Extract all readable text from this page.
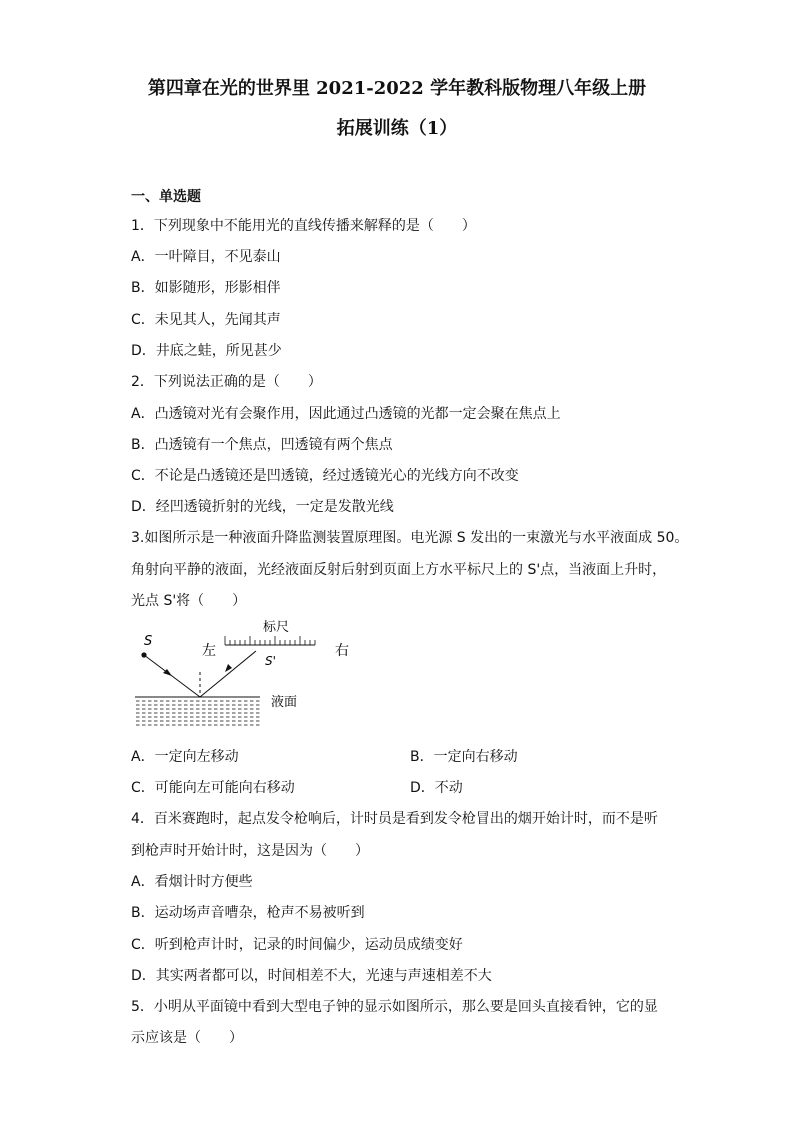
第四章在光的世界里 2021-2022 学年教科版物理八年级上册
拓展训练（1）
一、单选题
1．下列现象中不能用光的直线传播来解释的是（　　）
A．一叶障目，不见泰山
B．如影随形，形影相伴
C．未见其人，先闻其声
D．井底之蛙，所见甚少
2．下列说法正确的是（　　）
A．凸透镜对光有会聚作用，因此通过凸透镜的光都一定会聚在焦点上
B．凸透镜有一个焦点，凹透镜有两个焦点
C．不论是凸透镜还是凹透镜，经过透镜光心的光线方向不改变
D．经凹透镜折射的光线，一定是发散光线
3.如图所示是一种液面升降监测装置原理图。电光源 S 发出的一束激光与水平液面成 50。
角射向平静的液面，光经液面反射后射到页面上方水平标尺上的 S'点，当液面上升时，
光点 S'将（　　）
S
左
标尺
右
S'
液面
A．一定向左移动	B．一定向右移动
C．可能向左可能向右移动	D．不动
4．百米赛跑时，起点发令枪响后，计时员是看到发令枪冒出的烟开始计时，而不是听
到枪声时开始计时，这是因为（　　）
A．看烟计时方便些
B．运动场声音嘈杂，枪声不易被听到
C．听到枪声计时，记录的时间偏少，运动员成绩变好
D．其实两者都可以，时间相差不大，光速与声速相差不大
5．小明从平面镜中看到大型电子钟的显示如图所示，那么要是回头直接看钟，它的显
示应该是（　　）
